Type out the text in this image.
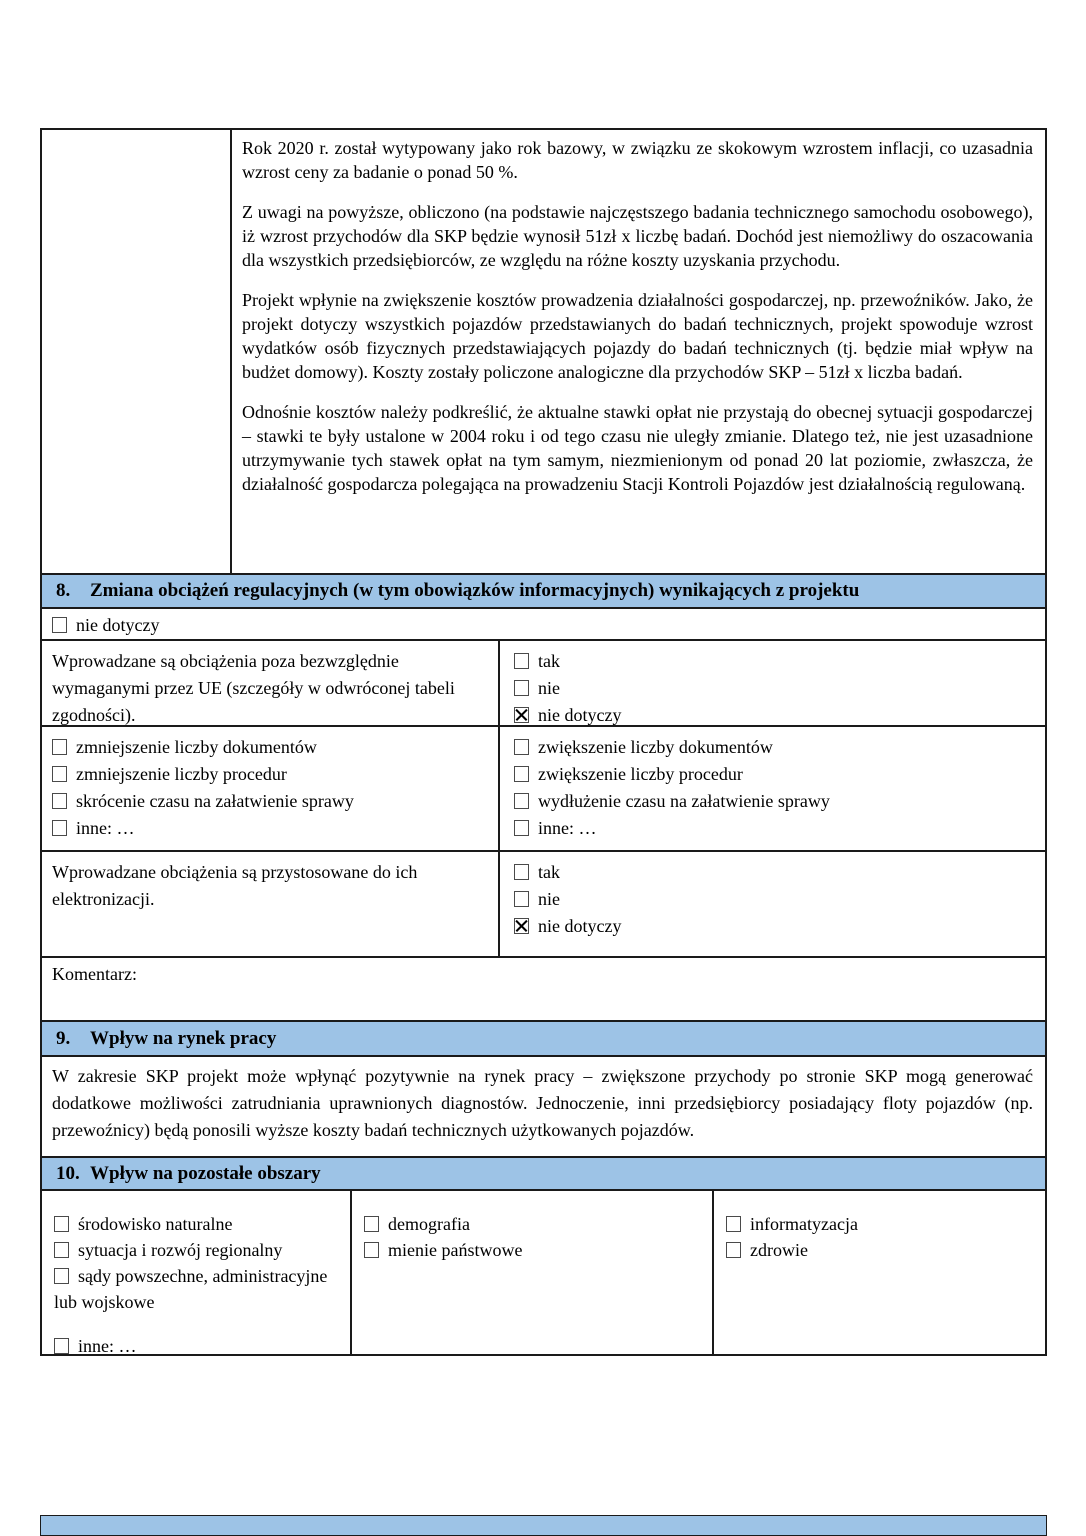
Rok 2020 r. został wytypowany jako rok bazowy, w związku ze skokowym wzrostem inflacji, co uzasadnia wzrost ceny za badanie o ponad 50 %.

Z uwagi na powyższe, obliczono (na podstawie najczęstszego badania technicznego samochodu osobowego), iż wzrost przychodów dla SKP będzie wynosił 51zł x liczbę badań. Dochód jest niemożliwy do oszacowania dla wszystkich przedsiębiorców, ze względu na różne koszty uzyskania przychodu.

Projekt wpłynie na zwiększenie kosztów prowadzenia działalności gospodarczej, np. przewoźników. Jako, że projekt dotyczy wszystkich pojazdów przedstawianych do badań technicznych, projekt spowoduje wzrost wydatków osób fizycznych przedstawiających pojazdy do badań technicznych (tj. będzie miał wpływ na budżet domowy). Koszty zostały policzone analogiczne dla przychodów SKP – 51zł x liczba badań.

Odnośnie kosztów należy podkreślić, że aktualne stawki opłat nie przystają do obecnej sytuacji gospodarczej – stawki te były ustalone w 2004 roku i od tego czasu nie uległy zmianie. Dlatego też, nie jest uzasadnione utrzymywanie tych stawek opłat na tym samym, niezmienionym od ponad 20 lat poziomie, zwłaszcza, że działalność gospodarcza polegająca na prowadzeniu Stacji Kontroli Pojazdów jest działalnością regulowaną.

8.	Zmiana obciążeń regulacyjnych (w tym obowiązków informacyjnych) wynikających z projektu
nie dotyczy
Wprowadzane są obciążenia poza bezwzględnie wymaganymi przez UE (szczegóły w odwróconej tabeli zgodności).
tak
nie
nie dotyczy
zmniejszenie liczby dokumentów
zmniejszenie liczby procedur
skrócenie czasu na załatwienie sprawy
inne: …
zwiększenie liczby dokumentów
zwiększenie liczby procedur
wydłużenie czasu na załatwienie sprawy
inne: …
Wprowadzane obciążenia są przystosowane do ich elektronizacji.
tak
nie
nie dotyczy
Komentarz:
9.	Wpływ na rynek pracy
W zakresie SKP projekt może wpłynąć pozytywnie na rynek pracy – zwiększone przychody po stronie SKP mogą generować dodatkowe możliwości zatrudniania uprawnionych diagnostów. Jednoczenie, inni przedsiębiorcy posiadający floty pojazdów (np. przewoźnicy) będą ponosili wyższe koszty badań technicznych użytkowanych pojazdów.
10. Wpływ na pozostałe obszary
środowisko naturalne
sytuacja i rozwój regionalny
sądy powszechne, administracyjne lub wojskowe
inne: …
demografia
mienie państwowe
informatyzacja
zdrowie
